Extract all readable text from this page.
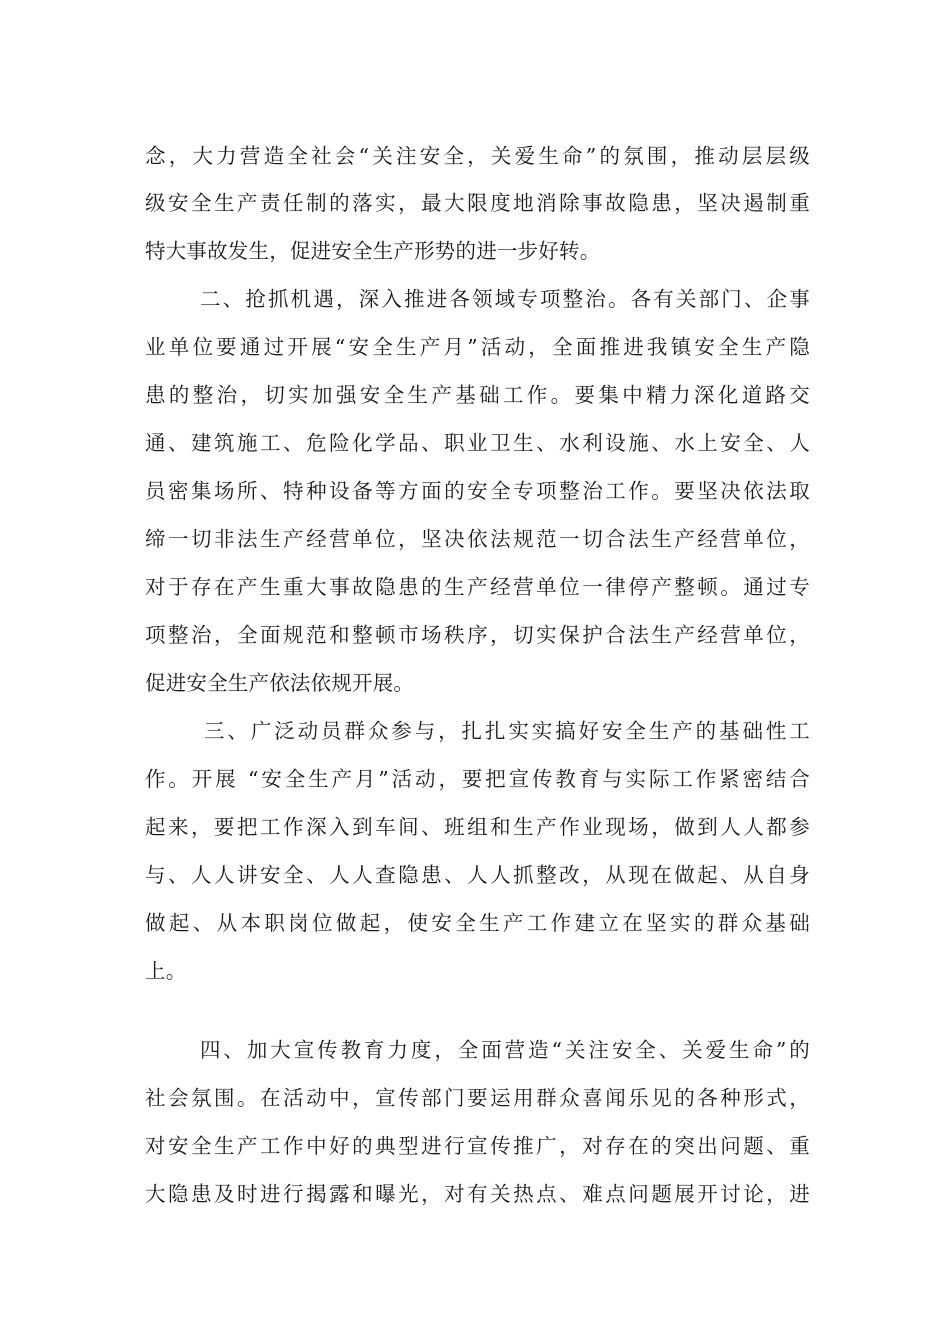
念，大力营造全社会“关注安全，关爱生命”的氛围，推动层层级

级安全生产责任制的落实，最大限度地消除事故隐患，坚决遏制重

特大事故发生，促进安全生产形势的进一步好转。

二、抢抓机遇，深入推进各领域专项整治。各有关部门、企事

业单位要通过开展“安全生产月”活动，全面推进我镇安全生产隐

患的整治，切实加强安全生产基础工作。要集中精力深化道路交

通、建筑施工、危险化学品、职业卫生、水利设施、水上安全、人

员密集场所、特种设备等方面的安全专项整治工作。要坚决依法取

缔一切非法生产经营单位，坚决依法规范一切合法生产经营单位，

对于存在产生重大事故隐患的生产经营单位一律停产整顿。通过专

项整治，全面规范和整顿市场秩序，切实保护合法生产经营单位，

促进安全生产依法依规开展。

三、广泛动员群众参与，扎扎实实搞好安全生产的基础性工

作。开展 “安全生产月”活动，要把宣传教育与实际工作紧密结合

起来，要把工作深入到车间、班组和生产作业现场，做到人人都参

与、人人讲安全、人人查隐患、人人抓整改，从现在做起、从自身

做起、从本职岗位做起，使安全生产工作建立在坚实的群众基础

上。

四、加大宣传教育力度，全面营造“关注安全、关爱生命”的

社会氛围。在活动中，宣传部门要运用群众喜闻乐见的各种形式，

对安全生产工作中好的典型进行宣传推广，对存在的突出问题、重

大隐患及时进行揭露和曝光，对有关热点、难点问题展开讨论，进
